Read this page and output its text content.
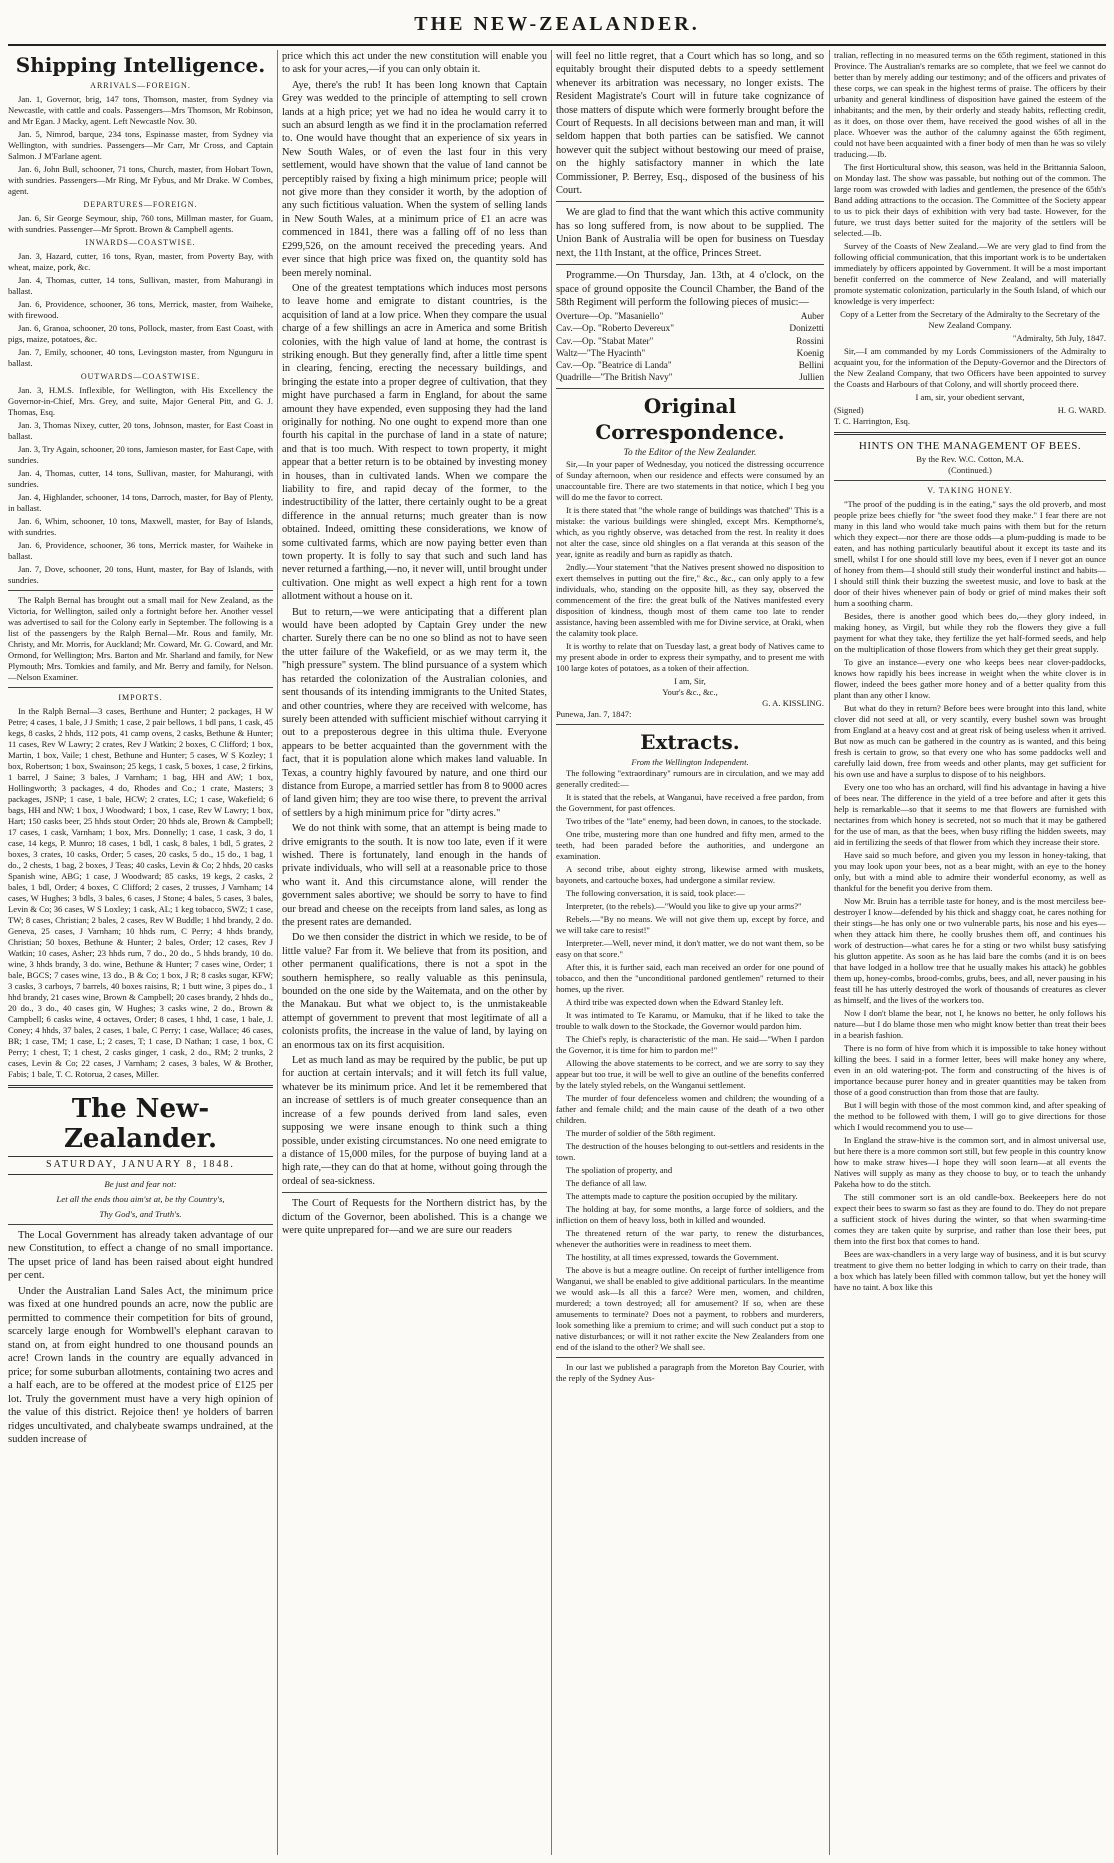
THE NEW-ZEALANDER.
Shipping Intelligence.
ARRIVALS—FOREIGN.

Jan. 1, Governor, brig, 147 tons, Thomson, master, from Sydney via Newcastle, with cattle and coals. Passengers—Mrs Thomson, Mr Robinson, and Mr Egan. J Macky, agent. Left Newcastle Nov. 30.

Jan. 5, Nimrod, barque, 234 tons, Espinasse master, from Sydney via Wellington, with sundries. Passengers—Mr Carr, Mr Cross, and Captain Salmon. J M'Farlane agent.

Jan. 6, John Bull, schooner, 71 tons, Church, master, from Hobart Town, with sundries. Passengers—Mr Ring, Mr Fybus, and Mr Drake. W Combes, agent.

DEPARTURES—FOREIGN.

Jan. 6, Sir George Seymour, ship, 760 tons, Millman master, for Guam, with sundries. Passenger—Mr Sprott. Brown & Campbell agents.

INWARDS—COASTWISE.

Jan. 3, Hazard, cutter, 16 tons, Ryan, master, from Poverty Bay, with wheat, maize, pork, &c.

Jan. 4, Thomas, cutter, 14 tons, Sullivan, master, from Mahurangi in ballast.

Jan. 6, Providence, schooner, 36 tons, Merrick, master, from Waiheke, with firewood.

Jan. 6, Granoa, schooner, 20 tons, Pollock, master, from East Coast, with pigs, maize, potatoes, &c.

Jan. 7, Emily, schooner, 40 tons, Levingston master, from Ngunguru in ballast.

OUTWARDS—COASTWISE.

Jan. 3, H.M.S. Inflexible, for Wellington, with His Excellency the Governor-in-Chief, Mrs. Grey, and suite, Major General Pitt, and G. J. Thomas, Esq.

Jan. 3, Thomas Nixey, cutter, 20 tons, Johnson, master, for East Coast in ballast.

Jan. 3, Try Again, schooner, 20 tons, Jamieson master, for East Cape, with sundries.

Jan. 4, Thomas, cutter, 14 tons, Sullivan, master, for Mahurangi, with sundries.

Jan. 4, Highlander, schooner, 14 tons, Darroch, master, for Bay of Plenty, in ballast.

Jan. 6, Whim, schooner, 10 tons, Maxwell, master, for Bay of Islands, with sundries.

Jan. 6, Providence, schooner, 36 tons, Merrick master, for Waiheke in ballast.

Jan. 7, Dove, schooner, 20 tons, Hunt, master, for Bay of Islands, with sundries.

The Ralph Bernal has brought out a small mail for New Zealand, as the Victoria, for Wellington, sailed only a fortnight before her. Another vessel was advertised to sail for the Colony early in September. The following is a list of the passengers by the Ralph Bernal—Mr. Rous and family, Mr. Christy, and Mr. Morris, for Auckland; Mr. Coward, Mr. G. Coward, and Mr. Ormond, for Wellington; Mrs. Barton and Mr. Sharland and family, for New Plymouth; Mrs. Tomkies and family, and Mr. Berry and family, for Nelson.—Nelson Examiner.

IMPORTS.

In the Ralph Bernal—3 cases, Berthune and Hunter; 2 packages, H W Petre; 4 cases, 1 bale, J J Smith; 1 case, 2 pair bellows, 1 bdl pans, 1 cask, 45 kegs, 8 casks, 2 hhds, 112 pots, 41 camp ovens, 2 casks, Bethune & Hunter; 11 cases, Rev W Lawry; 2 crates, Rev J Watkin; 2 boxes, C Clifford; 1 box, Martin, 1 box, Vaile; 1 chest, Bethune and Hunter; 5 cases, W S Kozley; 1 box, Robertson; 1 box, Swainson; 25 kegs, 1 cask, 5 boxes, 1 case, 2 firkins, 1 barrel, J Saine; 3 bales, J Varnham; 1 bag, HH and AW; 1 box, Hollingworth; 3 packages, 4 do, Rhodes and Co.; 1 crate, Masters; 3 packages, JSNP; 1 case, 1 bale, HCW; 2 crates, LC; 1 case, Wakefield; 6 bags, HH and NW; 1 box, J Woodward; 1 box, 1 case, Rev W Lawry; 1 box, Hart; 150 casks beer, 25 hhds stout Order; 20 hhds ale, Brown & Campbell; 17 cases, 1 cask, Varnham; 1 box, Mrs. Donnelly; 1 case, 1 cask, 3 do, 1 case, 14 kegs, P. Munro; 18 cases, 1 bdl, 1 cask, 8 bales, 1 bdl, 5 grates, 2 boxes, 3 crates, 10 casks, Order; 5 cases, 20 casks, 5 do., 15 do., 1 bag, 1 do., 2 chests, 1 bag, 2 boxes, J Teas; 40 casks, Levin & Co; 2 hhds, 20 casks Spanish wine, ABG; 1 case, J Woodward; 85 casks, 19 kegs, 2 casks, 2 bales, 1 bdl, Order; 4 boxes, C Clifford; 2 cases, 2 trusses, J Varnham; 14 cases, W Hughes; 3 bdls, 3 bales, 6 cases, J Stone; 4 bales, 5 cases, 3 bales, Levin & Co; 36 cases, W S Loxley; 1 cask, AL; 1 keg tobacco, SWZ; 1 case, TW; 8 cases, Christian; 2 bales, 2 cases, Rev W Buddle; 1 hhd brandy, 2 do. Geneva, 25 cases, J Varnham; 10 hhds rum, C Perry; 4 hhds brandy, Christian; 50 boxes, Bethune & Hunter; 2 bales, Order; 12 cases, Rev J Watkin; 10 cases, Asher; 23 hhds rum, 7 do., 20 do., 5 hhds brandy, 10 do. wine, 3 hhds brandy, 3 do. wine, Bethune & Hunter; 7 cases wine, Order; 1 bale, BGCS; 7 cases wine, 13 do., B & Co; 1 box, J R; 8 casks sugar, KFW; 3 casks, 3 carboys, 7 barrels, 40 boxes raisins, R; 1 butt wine, 3 pipes do., 1 hhd brandy, 21 cases wine, Brown & Campbell; 20 cases brandy, 2 hhds do., 20 do., 3 do., 40 cases gin, W Hughes; 3 casks wine, 2 do., Brown & Campbell; 6 casks wine, 4 octaves, Order; 8 cases, 1 hhd, 1 case, 1 bale, J. Coney; 4 hhds, 37 bales, 2 cases, 1 bale, C Perry; 1 case, Wallace; 46 cases, BR; 1 case, TM; 1 case, L; 2 cases, T; 1 case, D Nathan; 1 case, 1 box, C Perry; 1 chest, T; 1 chest, 2 casks ginger, 1 cask, 2 do., RM; 2 trunks, 2 cases, Levin & Co; 22 cases, J Varnham; 2 cases, 3 bales, W & Brother, Fabis; 1 bale, T. C. Rotorua, 2 cases, Miller.

The New-Zealander.
SATURDAY, JANUARY 8, 1848.
Be just and fear not:
Let all the ends thou aim'st at, be thy Country's,
Thy God's, and Truth's.

The Local Government has already taken advantage of our new Constitution, to effect a change of no small importance. The upset price of land has been raised about eight hundred per cent.

Under the Australian Land Sales Act, the minimum price was fixed at one hundred pounds an acre, now the public are permitted to commence their competition for bits of ground, scarcely large enough for Wombwell's elephant caravan to stand on, at from eight hundred to one thousand pounds an acre! Crown lands in the country are equally advanced in price; for some suburban allotments, containing two acres and a half each, are to be offered at the modest price of £125 per lot. Truly the government must have a very high opinion of the value of this district. Rejoice then! ye holders of barren ridges uncultivated, and chalybeate swamps undrained, at the sudden increase of

price which this act under the new constitution will enable you to ask for your acres,—if you can only obtain it.

Aye, there's the rub! It has been long known that Captain Grey was wedded to the principle of attempting to sell crown lands at a high price; yet we had no idea he would carry it to such an absurd length as we find it in the proclamation referred to. One would have thought that an experience of six years in New South Wales, or of even the last four in this very settlement, would have shown that the value of land cannot be perceptibly raised by fixing a high minimum price; people will not give more than they consider it worth, by the adoption of any such fictitious valuation. When the system of selling lands in New South Wales, at a minimum price of £1 an acre was commenced in 1841, there was a falling off of no less than £299,526, on the amount received the preceding years. And ever since that high price was fixed on, the quantity sold has been merely nominal.

One of the greatest temptations which induces most persons to leave home and emigrate to distant countries, is the acquisition of land at a low price. When they compare the usual charge of a few shillings an acre in America and some British colonies, with the high value of land at home, the contrast is striking enough. But they generally find, after a little time spent in clearing, fencing, erecting the necessary buildings, and bringing the estate into a proper degree of cultivation, that they might have purchased a farm in England, for about the same amount they have expended, even supposing they had the land originally for nothing. No one ought to expend more than one fourth his capital in the purchase of land in a state of nature; and that is too much. With respect to town property, it might appear that a better return is to be obtained by investing money in houses, than in cultivated lands. When we compare the liability to fire, and rapid decay of the former, to the indestructibility of the latter, there certainly ought to be a great difference in the annual returns; much greater than is now obtained. Indeed, omitting these considerations, we know of some cultivated farms, which are now paying better even than town property. It is folly to say that such and such land has never returned a farthing,—no, it never will, until brought under cultivation. One might as well expect a high rent for a town allotment without a house on it.

But to return,—we were anticipating that a different plan would have been adopted by Captain Grey under the new charter. Surely there can be no one so blind as not to have seen the utter failure of the Wakefield, or as we may term it, the "high pressure" system. The blind pursuance of a system which has retarded the colonization of the Australian colonies, and sent thousands of its intending immigrants to the United States, and other countries, where they are received with welcome, has surely been attended with sufficient mischief without carrying it out to a preposterous degree in this ultima thule. Everyone appears to be better acquainted than the government with the fact, that it is population alone which makes land valuable. In Texas, a country highly favoured by nature, and one third our distance from Europe, a married settler has from 8 to 9000 acres of land given him; they are too wise there, to prevent the arrival of settlers by a high minimum price for "dirty acres."

We do not think with some, that an attempt is being made to drive emigrants to the south. It is now too late, even if it were wished. There is fortunately, land enough in the hands of private individuals, who will sell at a reasonable price to those who want it. And this circumstance alone, will render the government sales abortive; we should be sorry to have to find our bread and cheese on the receipts from land sales, as long as the present rates are demanded.

Do we then consider the district in which we reside, to be of little value? Far from it. We believe that from its position, and other permanent qualifications, there is not a spot in the southern hemisphere, so really valuable as this peninsula, bounded on the one side by the Waitemata, and on the other by the Manakau. But what we object to, is the unmistakeable attempt of government to prevent that most legitimate of all a colonists profits, the increase in the value of land, by laying on an enormous tax on its first acquisition.

Let as much land as may be required by the public, be put up for auction at certain intervals; and it will fetch its full value, whatever be its minimum price. And let it be remembered that an increase of settlers is of much greater consequence than an increase of a few pounds derived from land sales, even supposing we were insane enough to think such a thing possible, under existing circumstances. No one need emigrate to a distance of 15,000 miles, for the purpose of buying land at a high rate,—they can do that at home, without going through the ordeal of sea-sickness.

The Court of Requests for the Northern district has, by the dictum of the Governor, been abolished. This is a change we were quite unprepared for—and we are sure our readers

will feel no little regret, that a Court which has so long, and so equitably brought their disputed debts to a speedy settlement whenever its arbitration was necessary, no longer exists. The Resident Magistrate's Court will in future take cognizance of those matters of dispute which were formerly brought before the Court of Requests. In all decisions between man and man, it will seldom happen that both parties can be satisfied. We cannot however quit the subject without bestowing our meed of praise, on the highly satisfactory manner in which the late Commissioner, P. Berrey, Esq., disposed of the business of his Court.

We are glad to find that the want which this active community has so long suffered from, is now about to be supplied. The Union Bank of Australia will be open for business on Tuesday next, the 11th Instant, at the office, Princes Street.

Programme.—On Thursday, Jan. 13th, at 4 o'clock, on the space of ground opposite the Council Chamber, the Band of the 58th Regiment will perform the following pieces of music:—

Overture—Op. "Masaniello"	Auber
Cav.—Op. "Roberto Devereux"	Donizetti
Cav.—Op. "Stabat Mater"	Rossini
Waltz—"The Hyacinth"	Koenig
Cav.—Op. "Beatrice di Landa"	Bellini
Quadrille—"The British Navy"	Jullien
Original Correspondence.
To the Editor of the New Zealander.

Sir,—In your paper of Wednesday, you noticed the distressing occurrence of Sunday afternoon, when our residence and effects were consumed by an unaccountable fire. There are two statements in that notice, which I beg you will do me the favor to correct.

It is there stated that "the whole range of buildings was thatched" This is a mistake: the various buildings were shingled, except Mrs. Kempthorne's, which, as you rightly observe, was detached from the rest. In reality it does not alter the case, since old shingles on a flat veranda at this season of the year, ignite as readily and burn as rapidly as thatch.

2ndly.—Your statement "that the Natives present showed no disposition to exert themselves in putting out the fire," &c., &c., can only apply to a few individuals, who, standing on the opposite hill, as they say, observed the commencement of the fire: the great bulk of the Natives manifested every disposition of kindness, though most of them came too late to render assistance, having been assembled with me for Divine service, at Oraki, when the calamity took place.

It is worthy to relate that on Tuesday last, a great body of Natives came to my present abode in order to express their sympathy, and to present me with 100 large kotes of potatoes, as a token of their affection.

I am, Sir,
Your's &c., &c.,
G. A. KISSLING.
Punewa, Jan. 7, 1847:
Extracts.
From the Wellington Independent.

The following "extraordinary" rumours are in circulation, and we may add generally credited:—

It is stated that the rebels, at Wanganui, have received a free pardon, from the Government, for past offences.

Two tribes of the "late" enemy, had been down, in canoes, to the stockade.

One tribe, mustering more than one hundred and fifty men, armed to the teeth, had been paraded before the authorities, and undergone an examination.

A second tribe, about eighty strong, likewise armed with muskets, bayonets, and cartouche boxes, had undergone a similar review.

The following conversation, it is said, took place:—

Interpreter, (to the rebels).—"Would you like to give up your arms?"

Rebels.—"By no means. We will not give them up, except by force, and we will take care to resist!"

Interpreter.—Well, never mind, it don't matter, we do not want them, so be easy on that score."

After this, it is further said, each man received an order for one pound of tobacco, and then the "unconditional pardoned gentlemen" returned to their homes, up the river.

A third tribe was expected down when the Edward Stanley left.

It was intimated to Te Karamu, or Mamuku, that if he liked to take the trouble to walk down to the Stockade, the Governor would pardon him.

The Chief's reply, is characteristic of the man. He said—"When I pardon the Governor, it is time for him to pardon me!"

Allowing the above statements to be correct, and we are sorry to say they appear but too true, it will be well to give an outline of the benefits conferred by the lately styled rebels, on the Wanganui settlement.

The murder of four defenceless women and children; the wounding of a father and female child; and the main cause of the death of a two other children.

The murder of soldier of the 58th regiment.

The destruction of the houses belonging to out-settlers and residents in the town.

The spoliation of property, and

The defiance of all law.

The attempts made to capture the position occupied by the military.

The holding at bay, for some months, a large force of soldiers, and the infliction on them of heavy loss, both in killed and wounded.

The threatened return of the war party, to renew the disturbances, whenever the authorities were in readiness to meet them.

The hostility, at all times expressed, towards the Government.

The above is but a meagre outline. On receipt of further intelligence from Wanganui, we shall be enabled to give additional particulars. In the meantime we would ask—Is all this a farce? Were men, women, and children, murdered; a town destroyed; all for amusement? If so, when are these amusements to terminate? Does not a payment, to robbers and murderers, look something like a premium to crime; and will such conduct put a stop to native disturbances; or will it not rather excite the New Zealanders from one end of the island to the other? We shall see.

In our last we published a paragraph from the Moreton Bay Courier, with the reply of the Sydney Aus-

tralian, reflecting in no measured terms on the 65th regiment, stationed in this Province. The Australian's remarks are so complete, that we feel we cannot do better than by merely adding our testimony; and of the officers and privates of these corps, we can speak in the highest terms of praise. The officers by their urbanity and general kindliness of disposition have gained the esteem of the inhabitants; and the men, by their orderly and steady habits, reflecting credit, as it does, on those over them, have received the good wishes of all in the place. Whoever was the author of the calumny against the 65th regiment, could not have been acquainted with a finer body of men than he was so vilely traducing.—Ib.

The first Horticultural show, this season, was held in the Brittannia Saloon, on Monday last. The show was passable, but nothing out of the common. The large room was crowded with ladies and gentlemen, the presence of the 65th's Band adding attractions to the occasion. The Committee of the Society appear to us to pick their days of exhibition with very bad taste. However, for the future, we trust days better suited for the majority of the settlers will be selected.—Ib.

Survey of the Coasts of New Zealand.—We are very glad to find from the following official communication, that this important work is to be undertaken immediately by officers appointed by Government. It will be a most important benefit conferred on the commerce of New Zealand, and will materially promote systematic colonization, particularly in the South Island, of which our knowledge is very imperfect:

Copy of a Letter from the Secretary of the Admiralty to the Secretary of the New Zealand Company.

"Admiralty, 5th July, 1847.

Sir,—I am commanded by my Lords Commissioners of the Admiralty to acquaint you, for the information of the Deputy-Governor and the Directors of the New Zealand Company, that two Officers have been appointed to survey the Coasts and Harbours of that Colony, and will shortly proceed there.

I am, sir, your obedient servant,

(Signed)	H. G. WARD.

T. C. Harrington, Esq.

HINTS ON THE MANAGEMENT OF BEES.
By the Rev. W.C. Cotton, M.A.
(Continued.)
V. TAKING HONEY.

"The proof of the pudding is in the eating," says the old proverb, and most people prize bees chiefly for "the sweet food they make." I fear there are not many in this land who would take much pains with them but for the return which they expect—nor there are those odds—a plum-pudding is made to be eaten, and has nothing particularly beautiful about it except its taste and its smell, whilst I for one should still love my bees, even if I never got an ounce of honey from them—I should still study their wonderful instinct and habits—I should still think their buzzing the sweetest music, and love to bask at the door of their hives whenever pain of body or grief of mind makes their soft hum a soothing charm.

Besides, there is another good which bees do,—they glory indeed, in making honey, as Virgil, but while they rob the flowers they give a full payment for what they take, they fertilize the yet half-formed seeds, and help on the multiplication of those flowers from which they get their great supply.

To give an instance—every one who keeps bees near clover-paddocks, knows how rapidly his bees increase in weight when the white clover is in flower, indeed the bees gather more honey and of a better quality from this plant than any other I know.

But what do they in return? Before bees were brought into this land, white clover did not seed at all, or very scantily, every bushel sown was brought from England at a heavy cost and at great risk of being useless when it arrived. But now as much can be gathered in the country as is wanted, and this being fresh is certain to grow, so that every one who has some paddocks well and carefully laid down, free from weeds and other plants, may get sufficient for his own use and have a surplus to dispose of to his neighbors.

Every one too who has an orchard, will find his advantage in having a hive of bees near. The difference in the yield of a tree before and after it gets this help is remarkable—so that it seems to me that flowers are furnished with nectarines from which honey is secreted, not so much that it may be gathered for the use of man, as that the bees, when busy rifling the hidden sweets, may aid in fertilizing the seeds of that flower from which they increase their store.

Have said so much before, and given you my lesson in honey-taking, that you may look upon your bees, not as a bear might, with an eye to the honey only, but with a mind able to admire their wonderful economy, as well as thankful for the benefit you derive from them.

Now Mr. Bruin has a terrible taste for honey, and is the most merciless bee-destroyer I know—defended by his thick and shaggy coat, he cares nothing for their stings—he has only one or two vulnerable parts, his nose and his eyes—when they attack him there, he coolly brushes them off, and continues his work of destruction—what cares he for a sting or two whilst busy satisfying his glutton appetite. As soon as he has laid bare the combs (and it is on bees that have lodged in a hollow tree that he usually makes his attack) he gobbles them up, honey-combs, brood-combs, grubs, bees, and all, never pausing in his feast till he has utterly destroyed the work of thousands of creatures as clever as himself, and the lives of the workers too.

Now I don't blame the bear, not I, he knows no better, he only follows his nature—but I do blame those men who might know better than treat their bees in a bearish fashion.

There is no form of hive from which it is impossible to take honey without killing the bees. I said in a former letter, bees will make honey any where, even in an old watering-pot. The form and constructing of the hives is of importance because purer honey and in greater quantities may be taken from those of a good construction than from those that are faulty.

But I will begin with those of the most common kind, and after speaking of the method to be followed with them, I will go to give directions for those which I would recommend you to use—

In England the straw-hive is the common sort, and in almost universal use, but here there is a more common sort still, but few people in this country know how to make straw hives—I hope they will soon learn—at all events the Natives will supply as many as they choose to buy, or to teach the unhandy Pakeha how to do the stitch.

The still commoner sort is an old candle-box. Beekeepers here do not expect their bees to swarm so fast as they are found to do. They do not prepare a sufficient stock of hives during the winter, so that when swarming-time comes they are taken quite by surprise, and rather than lose their bees, put them into the first box that comes to hand.

Bees are wax-chandlers in a very large way of business, and it is but scurvy treatment to give them no better lodging in which to carry on their trade, than a box which has lately been filled with common tallow, but yet the honey will have no taint. A box like this
